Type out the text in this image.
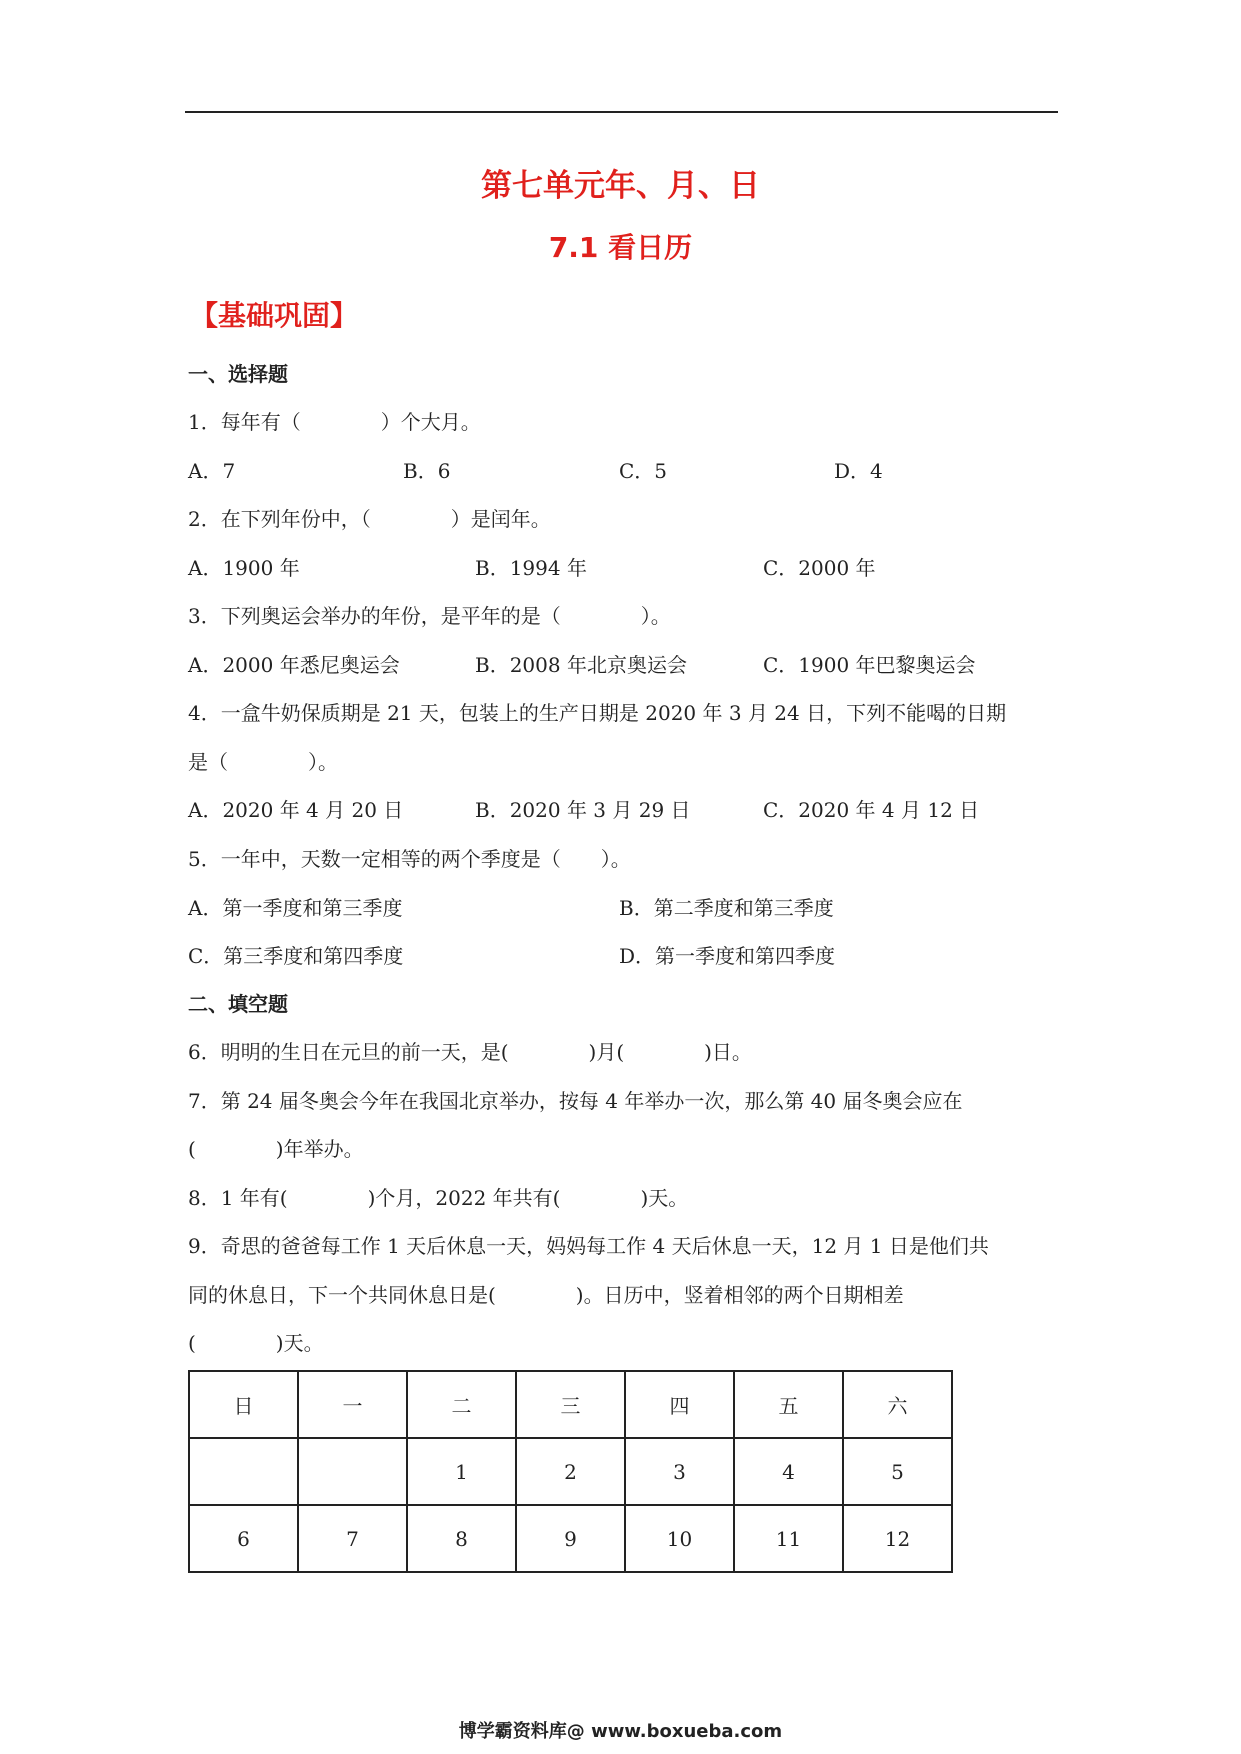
第七单元年、月、日
7.1 看日历
【基础巩固】
一、选择题
1．每年有（　　　　）个大月。
A．7	B．6	C．5	D．4
2．在下列年份中，（　　　　）是闰年。
A．1900 年	B．1994 年	C．2000 年
3．下列奥运会举办的年份，是平年的是（　　　　）。
A．2000 年悉尼奥运会	B．2008 年北京奥运会	C．1900 年巴黎奥运会
4．一盒牛奶保质期是 21 天，包装上的生产日期是 2020 年 3 月 24 日，下列不能喝的日期
是（　　　　）。
A．2020 年 4 月 20 日	B．2020 年 3 月 29 日	C．2020 年 4 月 12 日
5．一年中，天数一定相等的两个季度是（　　）。
A．第一季度和第三季度	B．第二季度和第三季度
C．第三季度和第四季度	D．第一季度和第四季度
二、填空题
6．明明的生日在元旦的前一天，是(　　　　)月(　　　　)日。
7．第 24 届冬奥会今年在我国北京举办，按每 4 年举办一次，那么第 40 届冬奥会应在
(　　　　)年举办。
8．1 年有(　　　　)个月，2022 年共有(　　　　)天。
9．奇思的爸爸每工作 1 天后休息一天，妈妈每工作 4 天后休息一天，12 月 1 日是他们共
同的休息日，下一个共同休息日是(　　　　)。日历中，竖着相邻的两个日期相差
(　　　　)天。
日	一	二	三	四	五	六
		1	2	3	4	5
6	7	8	9	10	11	12
博学霸资料库@ www.boxueba.com
